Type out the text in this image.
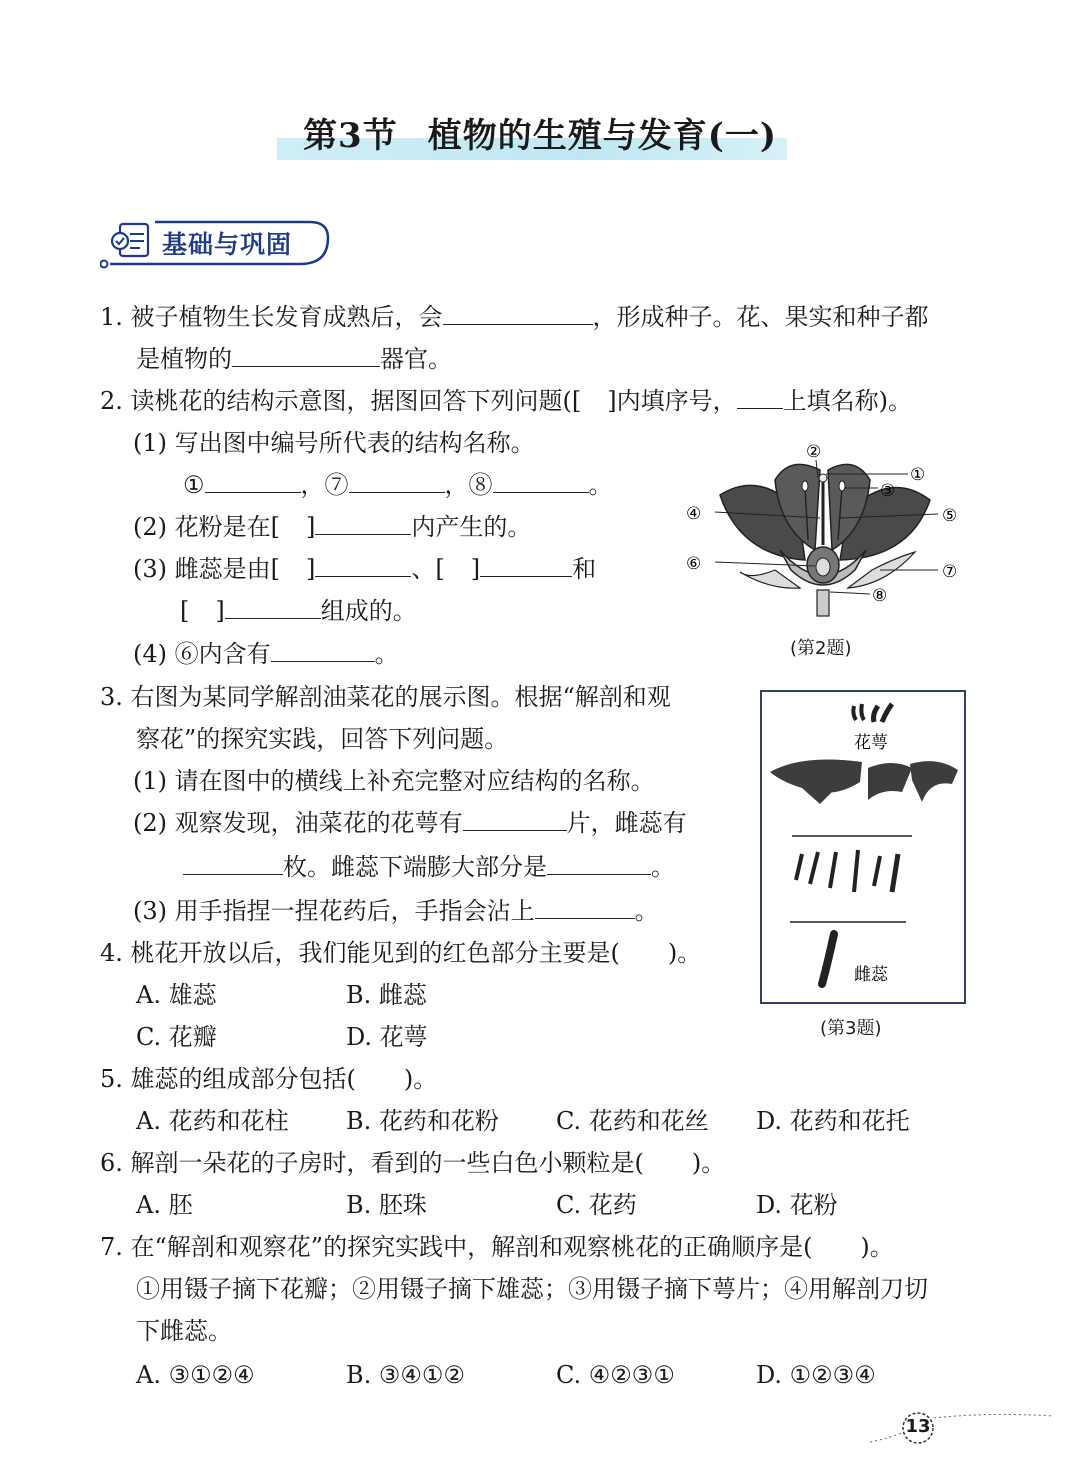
第3节 植物的生殖与发育(一)
基础与巩固
1. 被子植物生长发育成熟后，会	，形成种子。花、果实和种子都
是植物的	器官。
2. 读桃花的结构示意图，据图回答下列问题([ ]内填序号， 上填名称)。
(1) 写出图中编号所代表的结构名称。
①	，⑦	，⑧	。
(2) 花粉是在[ ]	内产生的。
(3) 雌蕊是由[ ]	、[ ]	和
[ ]	组成的。
(4) ⑥内含有	。
②
①
③
④	⑤
⑥	⑦
⑧
(第2题)
3. 右图为某同学解剖油菜花的展示图。根据“解剖和观
察花”的探究实践，回答下列问题。
(1) 请在图中的横线上补充完整对应结构的名称。
(2) 观察发现，油菜花的花萼有	片，雌蕊有
枚。雌蕊下端膨大部分是	。
(3) 用手指捏一捏花药后，手指会沾上	。
花萼
雌蕊
(第3题)
4. 桃花开放以后，我们能见到的红色部分主要是(　　)。
A. 雄蕊	B. 雌蕊
C. 花瓣	D. 花萼
5. 雄蕊的组成部分包括(　　)。
A. 花药和花柱 B. 花药和花粉 C. 花药和花丝 D. 花药和花托
6. 解剖一朵花的子房时，看到的一些白色小颗粒是(　　)。
A. 胚	B. 胚珠	C. 花药	D. 花粉
7. 在“解剖和观察花”的探究实践中，解剖和观察桃花的正确顺序是(　　)。
①用镊子摘下花瓣；②用镊子摘下雄蕊；③用镊子摘下萼片；④用解剖刀切
下雌蕊。
A. ③①②④	B. ③④①②	C. ④②③①	D. ①②③④
13
